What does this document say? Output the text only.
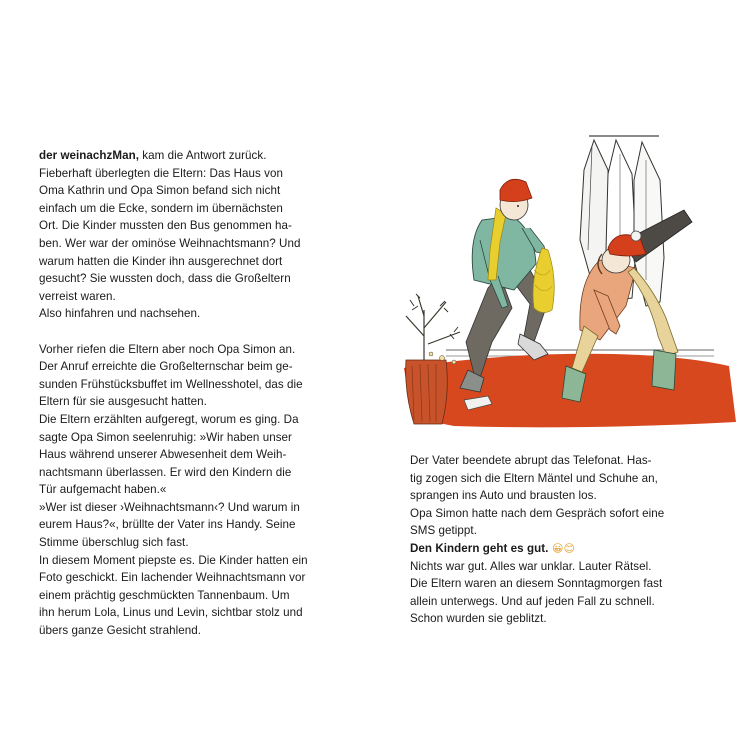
der weinachzMan, kam die Antwort zurück.
Fieberhaft überlegten die Eltern: Das Haus von
Oma Kathrin und Opa Simon befand sich nicht
einfach um die Ecke, sondern im übernächsten
Ort. Die Kinder mussten den Bus genommen ha-
ben. Wer war der ominöse Weihnachtsmann? Und
warum hatten die Kinder ihn ausgerechnet dort
gesucht? Sie wussten doch, dass die Großeltern
verreist waren.
Also hinfahren und nachsehen.
Vorher riefen die Eltern aber noch Opa Simon an.
Der Anruf erreichte die Großelternschar beim ge-
sunden Frühstücksbuffet im Wellnesshotel, das die
Eltern für sie ausgesucht hatten.
Die Eltern erzählten aufgeregt, worum es ging. Da
sagte Opa Simon seelenruhig: »Wir haben unser
Haus während unserer Abwesenheit dem Weih-
nachtsmann überlassen. Er wird den Kindern die
Tür aufgemacht haben.«
»Wer ist dieser ›Weihnachtsmann‹? Und warum in
eurem Haus?«, brüllte der Vater ins Handy. Seine
Stimme überschlug sich fast.
In diesem Moment piepste es. Die Kinder hatten ein
Foto geschickt. Ein lachender Weihnachtsmann vor
einem prächtig geschmückten Tannenbaum. Um
ihn herum Lola, Linus und Levin, sichtbar stolz und
übers ganze Gesicht strahlend.
Der Vater beendete abrupt das Telefonat. Has-
tig zogen sich die Eltern Mäntel und Schuhe an,
sprangen ins Auto und brausten los.
Opa Simon hatte nach dem Gespräch sofort eine
SMS getippt.
Den Kindern geht es gut. 😀😊
Nichts war gut. Alles war unklar. Lauter Rätsel.
Die Eltern waren an diesem Sonntagmorgen fast
allein unterwegs. Und auf jeden Fall zu schnell.
Schon wurden sie geblitzt.
